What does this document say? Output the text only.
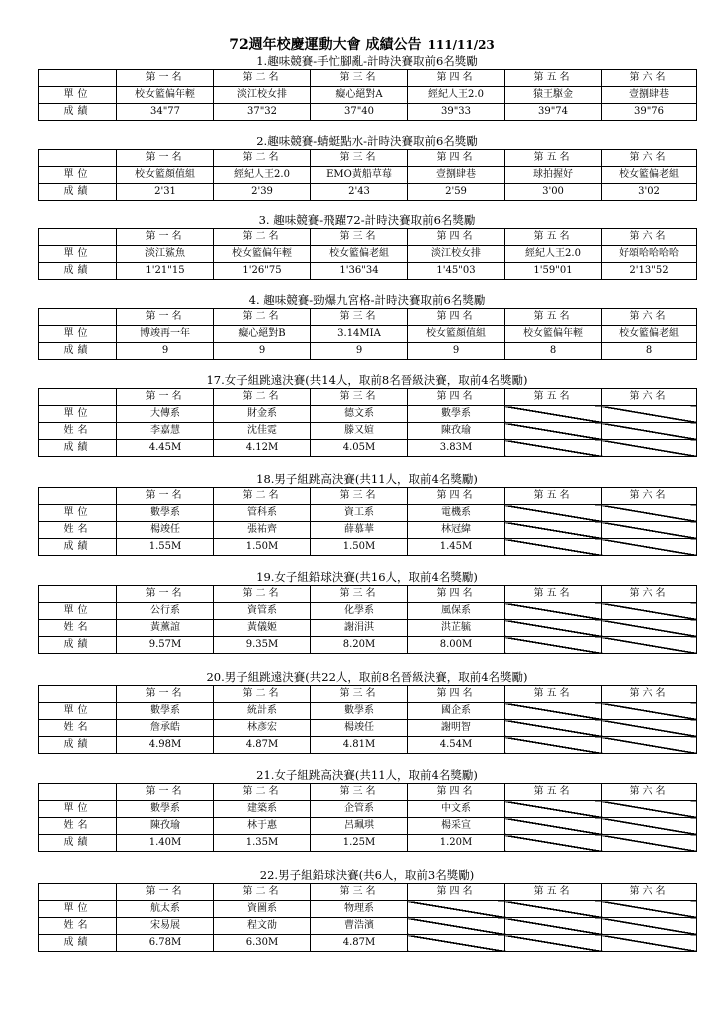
72週年校慶運動大會 成績公告 111/11/23
1.趣味競賽-手忙腳亂-計時決賽取前6名獎勵
	第一名	第二名	第三名	第四名	第五名	第六名
單位	校女籃偏年輕	淡江校女排	癡心絕對A	經紀人王2.0	猿王駆金	壹捌肆巷
成績	34"77	37"32	37"40	39"33	39"74	39"76
2.趣味競賽-蜻蜓點水-計時決賽取前6名獎勵
	第一名	第二名	第三名	第四名	第五名	第六名
單位	校女籃顏值組	經紀人王2.0	EMO黃船草莓	壹捌肆巷	球拍握好	校女籃偏老組
成績	2'31	2'39	2'43	2'59	3'00	3'02
3. 趣味競賽-飛躍72-計時決賽取前6名獎勵
	第一名	第二名	第三名	第四名	第五名	第六名
單位	淡江鯊魚	校女籃偏年輕	校女籃偏老組	淡江校女排	經紀人王2.0	好頌哈哈哈哈
成績	1'21"15	1'26"75	1'36"34	1'45"03	1'59"01	2'13"52
4. 趣味競賽-勁爆九宮格-計時決賽取前6名獎勵
	第一名	第二名	第三名	第四名	第五名	第六名
單位	博竣再一年	癡心絕對B	3.14MIA	校女籃顏值組	校女籃偏年輕	校女籃偏老組
成績	9	9	9	9	8	8
17.女子組跳遠決賽(共14人，取前8名晉級決賽，取前4名獎勵)
	第一名	第二名	第三名	第四名	第五名	第六名
單位	大傳系	財金系	德文系	數學系		
姓名	李嘉慧	沈佳霓	滕又媗	陳孜瑜		
成績	4.45M	4.12M	4.05M	3.83M		
18.男子組跳高決賽(共11人，取前4名獎勵)
	第一名	第二名	第三名	第四名	第五名	第六名
單位	數學系	管科系	資工系	電機系		
姓名	楊竣任	張祐齊	薛慕華	林冠緯		
成績	1.55M	1.50M	1.50M	1.45M		
19.女子組鉛球決賽(共16人，取前4名獎勵)
	第一名	第二名	第三名	第四名	第五名	第六名
單位	公行系	資管系	化學系	風保系		
姓名	黃薰誼	黃儀姬	謝涓淇	洪芷毓		
成績	9.57M	9.35M	8.20M	8.00M		
20.男子組跳遠決賽(共22人，取前8名晉級決賽，取前4名獎勵)
	第一名	第二名	第三名	第四名	第五名	第六名
單位	數學系	統計系	數學系	國企系		
姓名	詹承皓	林彥宏	楊竣任	謝明智		
成績	4.98M	4.87M	4.81M	4.54M		
21.女子組跳高決賽(共11人，取前4名獎勵)
	第一名	第二名	第三名	第四名	第五名	第六名
單位	數學系	建築系	企管系	中文系		
姓名	陳孜瑜	林于惠	呂珮琪	楊采宣		
成績	1.40M	1.35M	1.25M	1.20M		
22.男子組鉛球決賽(共6人，取前3名獎勵)
	第一名	第二名	第三名	第四名	第五名	第六名
單位	航太系	資圖系	物理系			
姓名	宋易展	程文劭	曹浩濱			
成績	6.78M	6.30M	4.87M			
